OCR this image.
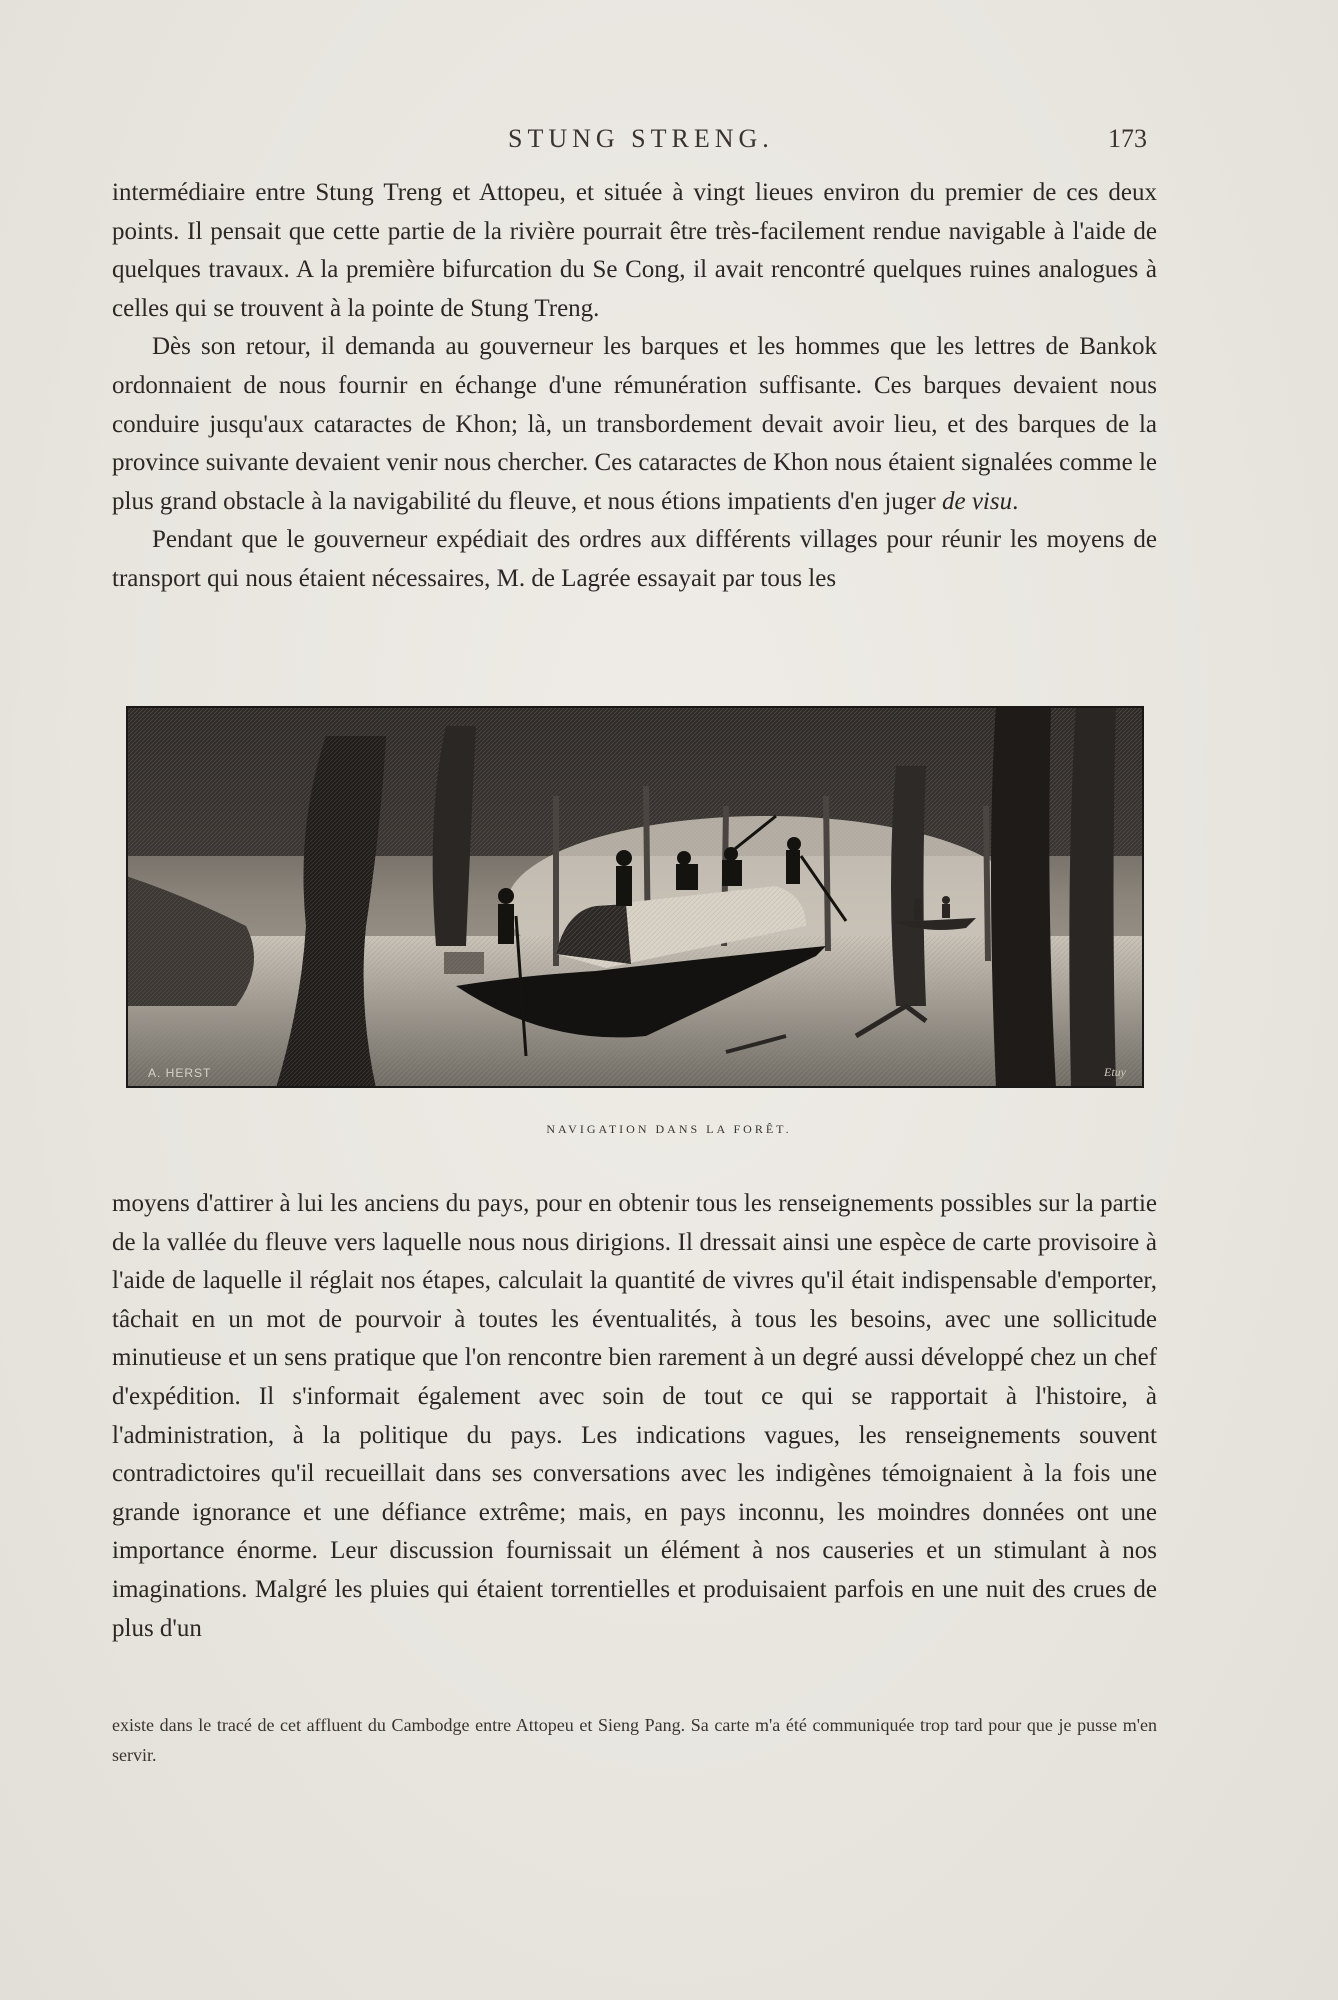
STUNG STRENG.	173

intermédiaire entre Stung Treng et Attopeu, et située à vingt lieues environ du premier de ces deux points. Il pensait que cette partie de la rivière pourrait être très-facilement rendue navigable à l'aide de quelques travaux. A la première bifurcation du Se Cong, il avait rencontré quelques ruines analogues à celles qui se trouvent à la pointe de Stung Treng.

Dès son retour, il demanda au gouverneur les barques et les hommes que les lettres de Bankok ordonnaient de nous fournir en échange d'une rémunération suffisante. Ces barques devaient nous conduire jusqu'aux cataractes de Khon; là, un transbordement devait avoir lieu, et des barques de la province suivante devaient venir nous chercher. Ces cataractes de Khon nous étaient signalées comme le plus grand obstacle à la navigabilité du fleuve, et nous étions impatients d'en juger de visu.

Pendant que le gouverneur expédiait des ordres aux différents villages pour réunir les moyens de transport qui nous étaient nécessaires, M. de Lagrée essayait par tous les

A. HERST	Etuy
NAVIGATION DANS LA FORÊT.

moyens d'attirer à lui les anciens du pays, pour en obtenir tous les renseignements possibles sur la partie de la vallée du fleuve vers laquelle nous nous dirigions. Il dressait ainsi une espèce de carte provisoire à l'aide de laquelle il réglait nos étapes, calculait la quantité de vivres qu'il était indispensable d'emporter, tâchait en un mot de pourvoir à toutes les éventualités, à tous les besoins, avec une sollicitude minutieuse et un sens pratique que l'on rencontre bien rarement à un degré aussi développé chez un chef d'expédition. Il s'informait également avec soin de tout ce qui se rapportait à l'histoire, à l'administration, à la politique du pays. Les indications vagues, les renseignements souvent contradictoires qu'il recueillait dans ses conversations avec les indigènes témoignaient à la fois une grande ignorance et une défiance extrême; mais, en pays inconnu, les moindres données ont une importance énorme. Leur discussion fournissait un élément à nos causeries et un stimulant à nos imaginations. Malgré les pluies qui étaient torrentielles et produisaient parfois en une nuit des crues de plus d'un

existe dans le tracé de cet affluent du Cambodge entre Attopeu et Sieng Pang. Sa carte m'a été communiquée trop tard pour que je pusse m'en servir.
